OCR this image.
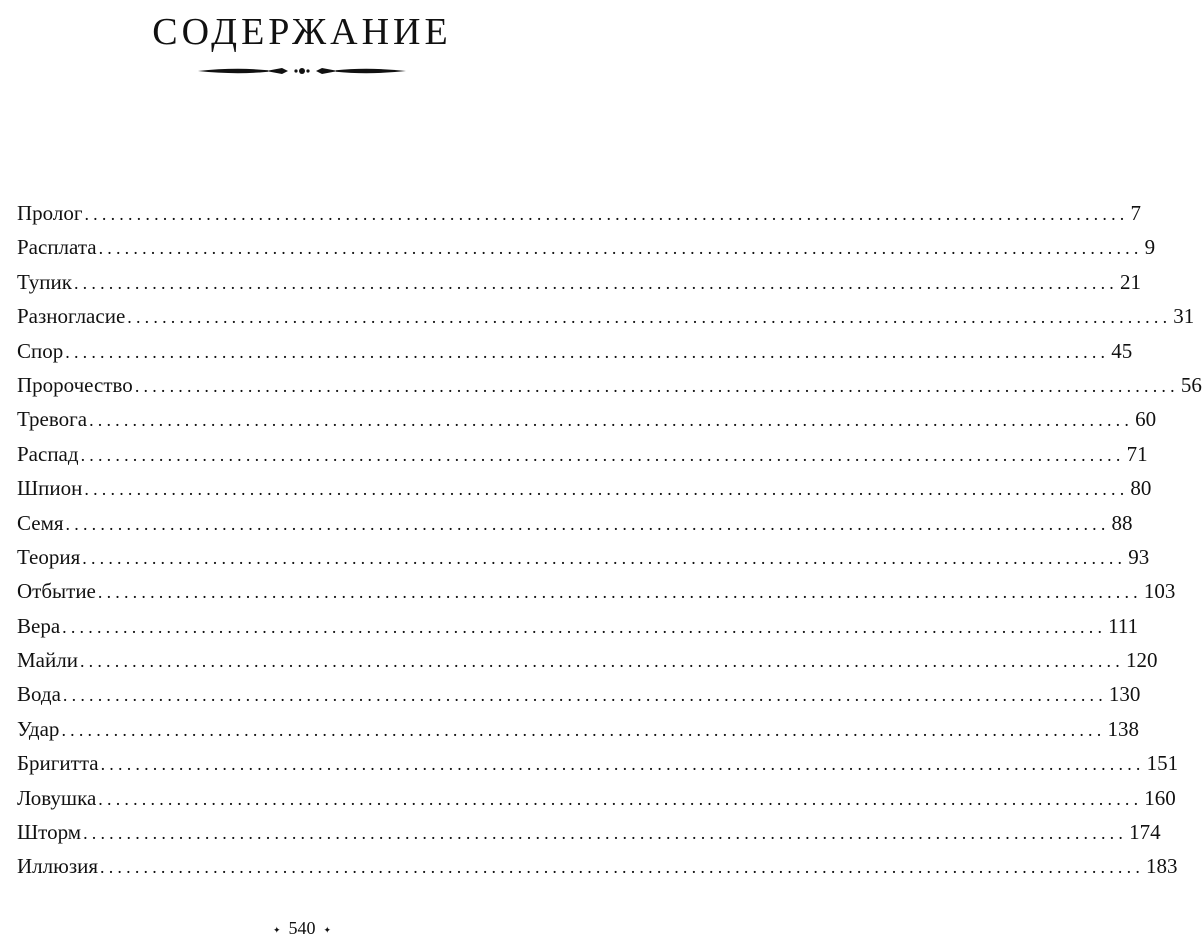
СОДЕРЖАНИЕ
Пролог ........................................................................................................................ 7
Расплата ........................................................................................................................ 9
Тупик ........................................................................................................................ 21
Разногласие ........................................................................................................................ 31
Спор ........................................................................................................................ 45
Пророчество ........................................................................................................................ 56
Тревога ........................................................................................................................ 60
Распад ........................................................................................................................ 71
Шпион ........................................................................................................................ 80
Семя ........................................................................................................................ 88
Теория ........................................................................................................................ 93
Отбытие ........................................................................................................................ 103
Вера ........................................................................................................................ 111
Майли ........................................................................................................................ 120
Вода ........................................................................................................................ 130
Удар ........................................................................................................................ 138
Бригитта ........................................................................................................................ 151
Ловушка ........................................................................................................................ 160
Шторм ........................................................................................................................ 174
Иллюзия ........................................................................................................................ 183
✦ 540 ✦
